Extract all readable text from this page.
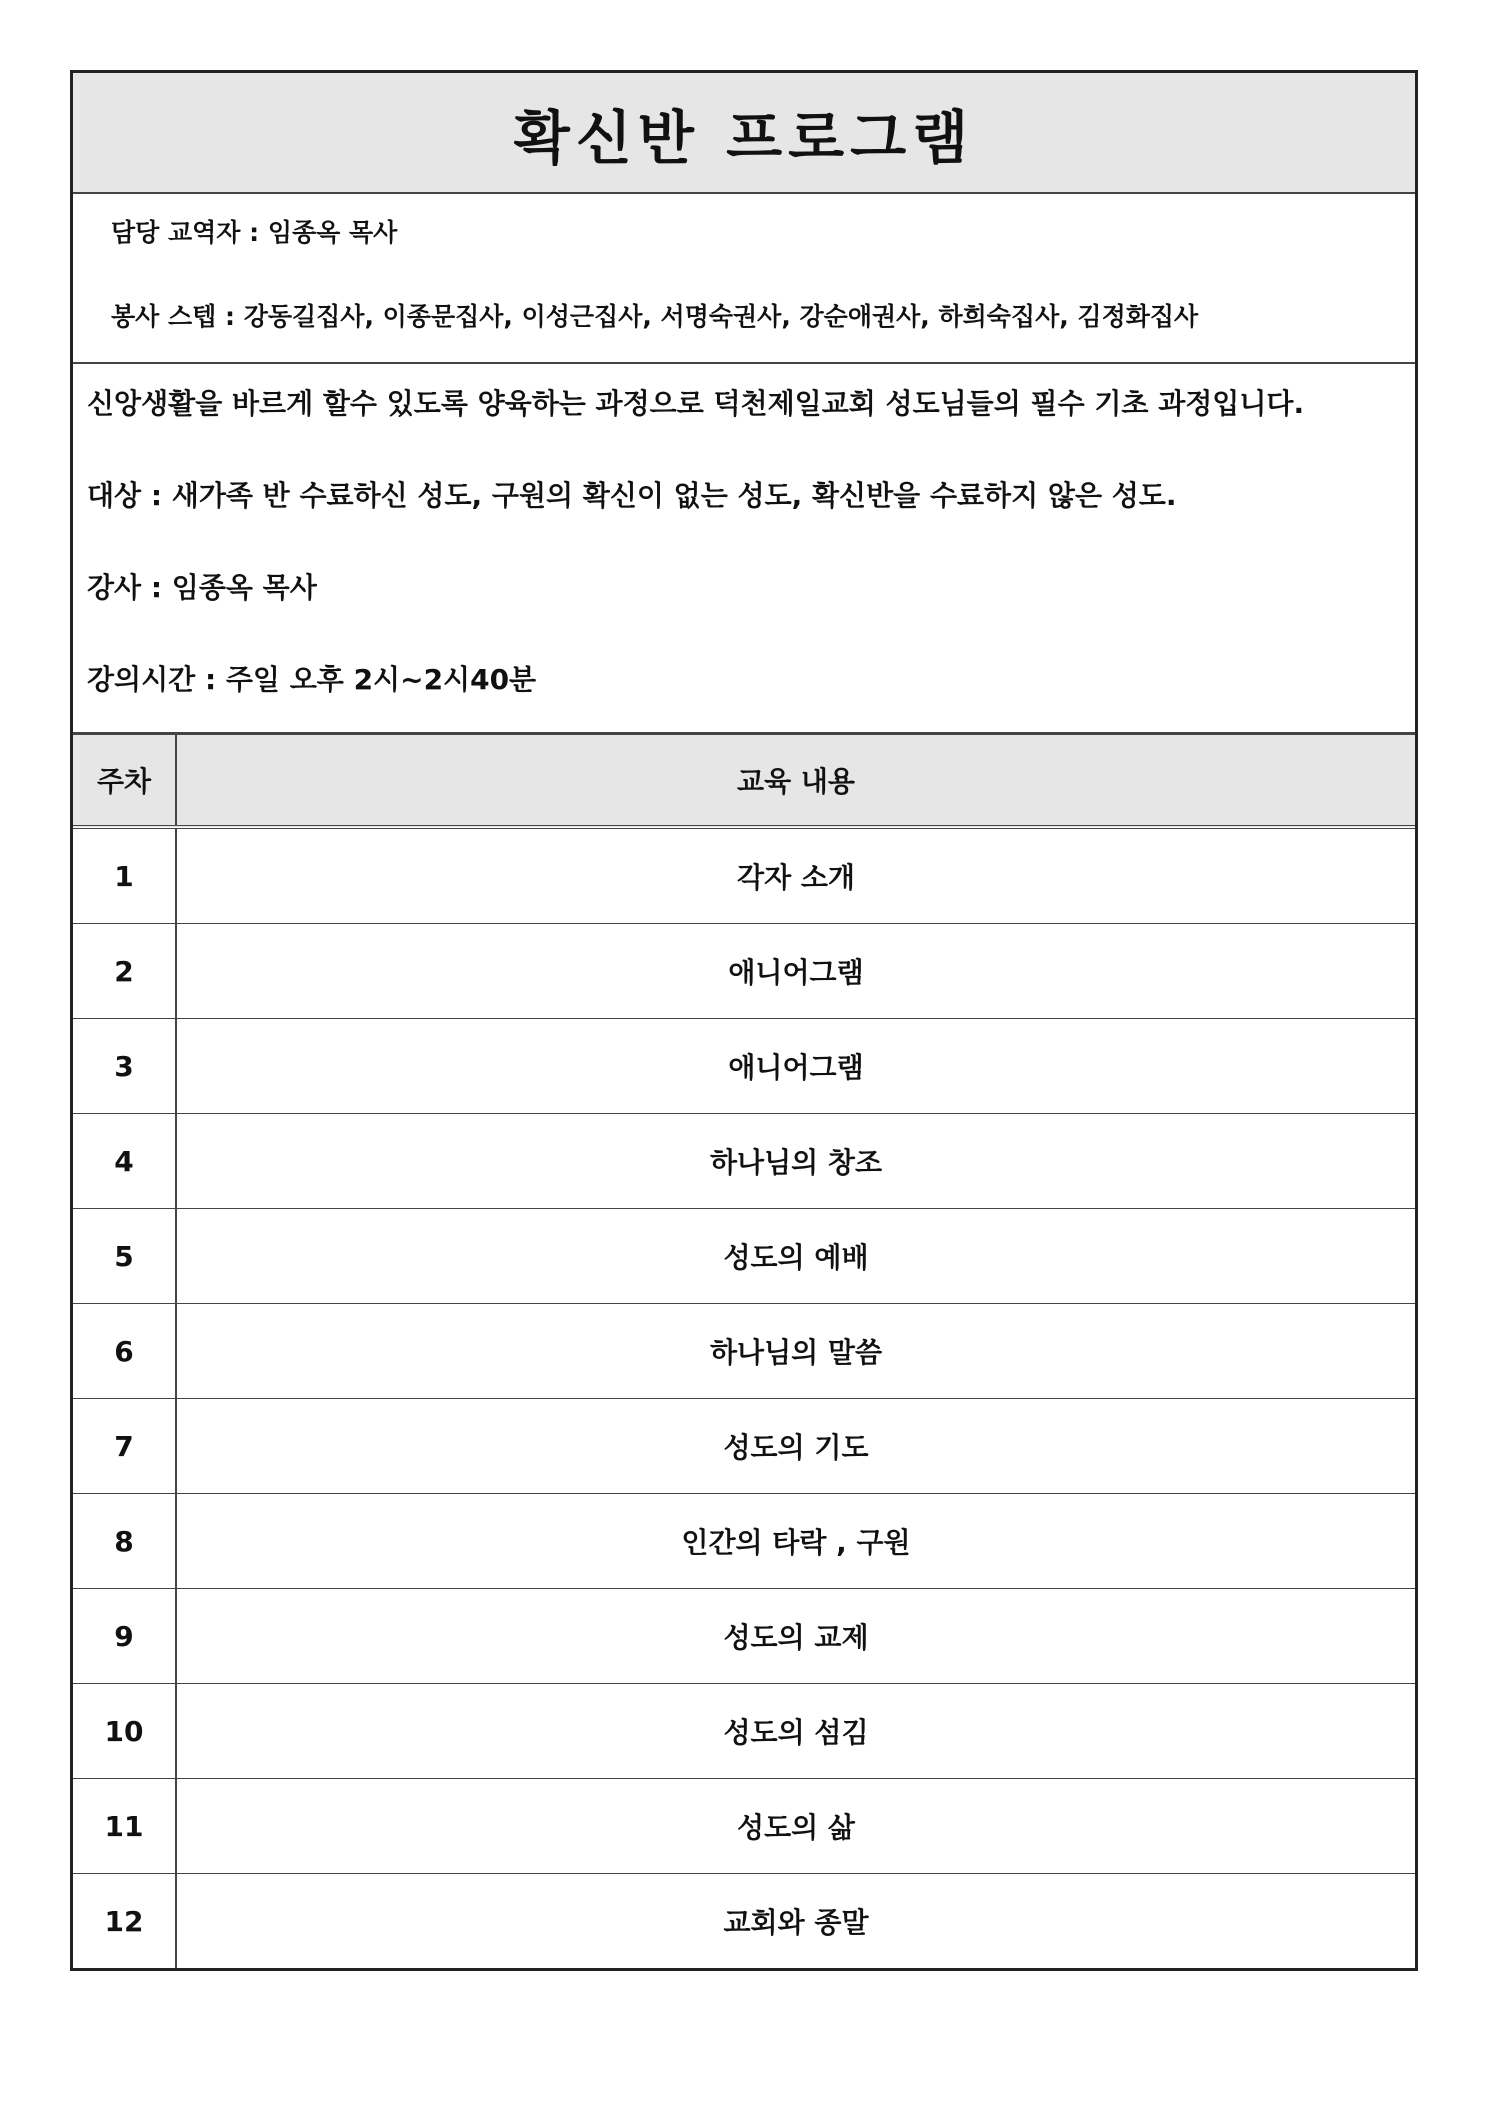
확신반 프로그램
담당 교역자 : 임종옥 목사
봉사 스텝 : 강동길집사, 이종문집사, 이성근집사, 서명숙권사, 강순애권사, 하희숙집사, 김정화집사
신앙생활을 바르게 할수 있도록 양육하는 과정으로 덕천제일교회 성도님들의 필수 기초 과정입니다.
대상 : 새가족 반 수료하신 성도, 구원의 확신이 없는 성도, 확신반을 수료하지 않은 성도.
강사 : 임종옥 목사
강의시간 : 주일 오후 2시~2시40분
주차	교육 내용
1	각자 소개
2	애니어그램
3	애니어그램
4	하나님의 창조
5	성도의 예배
6	하나님의 말씀
7	성도의 기도
8	인간의 타락 , 구원
9	성도의 교제
10	성도의 섬김
11	성도의 삶
12	교회와 종말
